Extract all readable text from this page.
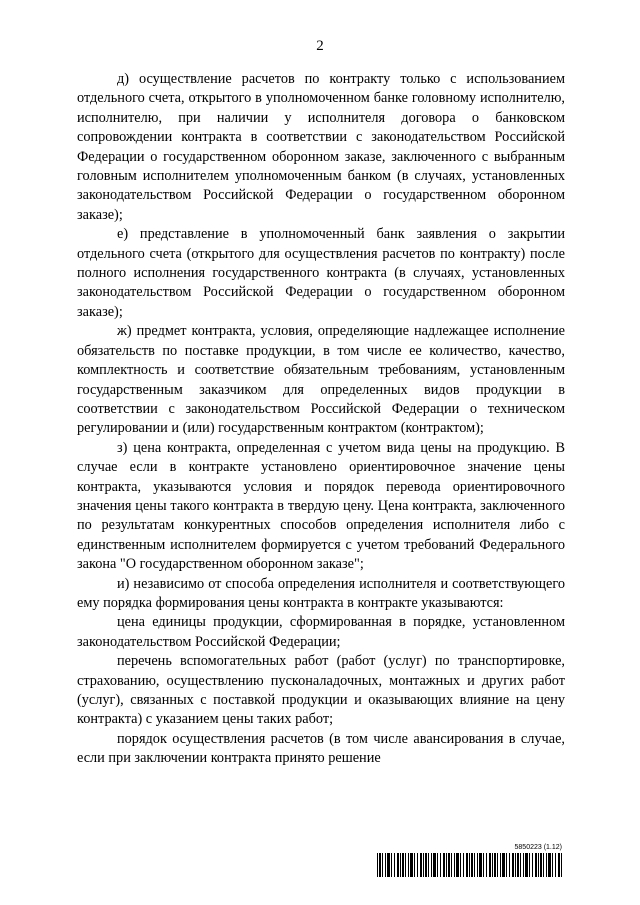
2

д) осуществление расчетов по контракту только с использованием отдельного счета, открытого в уполномоченном банке головному исполнителю, исполнителю, при наличии у исполнителя договора о банковском сопровождении контракта в соответствии с законодательством Российской Федерации о государственном оборонном заказе, заключенного с выбранным головным исполнителем уполномоченным банком (в случаях, установленных законодательством Российской Федерации о государственном оборонном заказе);

е) представление в уполномоченный банк заявления о закрытии отдельного счета (открытого для осуществления расчетов по контракту) после полного исполнения государственного контракта (в случаях, установленных законодательством Российской Федерации о государственном оборонном заказе);

ж) предмет контракта, условия, определяющие надлежащее исполнение обязательств по поставке продукции, в том числе ее количество, качество, комплектность и соответствие обязательным требованиям, установленным государственным заказчиком для определенных видов продукции в соответствии с законодательством Российской Федерации о техническом регулировании и (или) государственным контрактом (контрактом);

з) цена контракта, определенная с учетом вида цены на продукцию. В случае если в контракте установлено ориентировочное значение цены контракта, указываются условия и порядок перевода ориентировочного значения цены такого контракта в твердую цену. Цена контракта, заключенного по результатам конкурентных способов определения исполнителя либо с единственным исполнителем формируется с учетом требований Федерального закона "О государственном оборонном заказе";

и) независимо от способа определения исполнителя и соответствующего ему порядка формирования цены контракта в контракте указываются:

цена единицы продукции, сформированная в порядке, установленном законодательством Российской Федерации;

перечень вспомогательных работ (работ (услуг) по транспортировке, страхованию, осуществлению пусконаладочных, монтажных и других работ (услуг), связанных с поставкой продукции и оказывающих влияние на цену контракта) с указанием цены таких работ;

порядок осуществления расчетов (в том числе авансирования в случае, если при заключении контракта принято решение

5850223 (1.12)
